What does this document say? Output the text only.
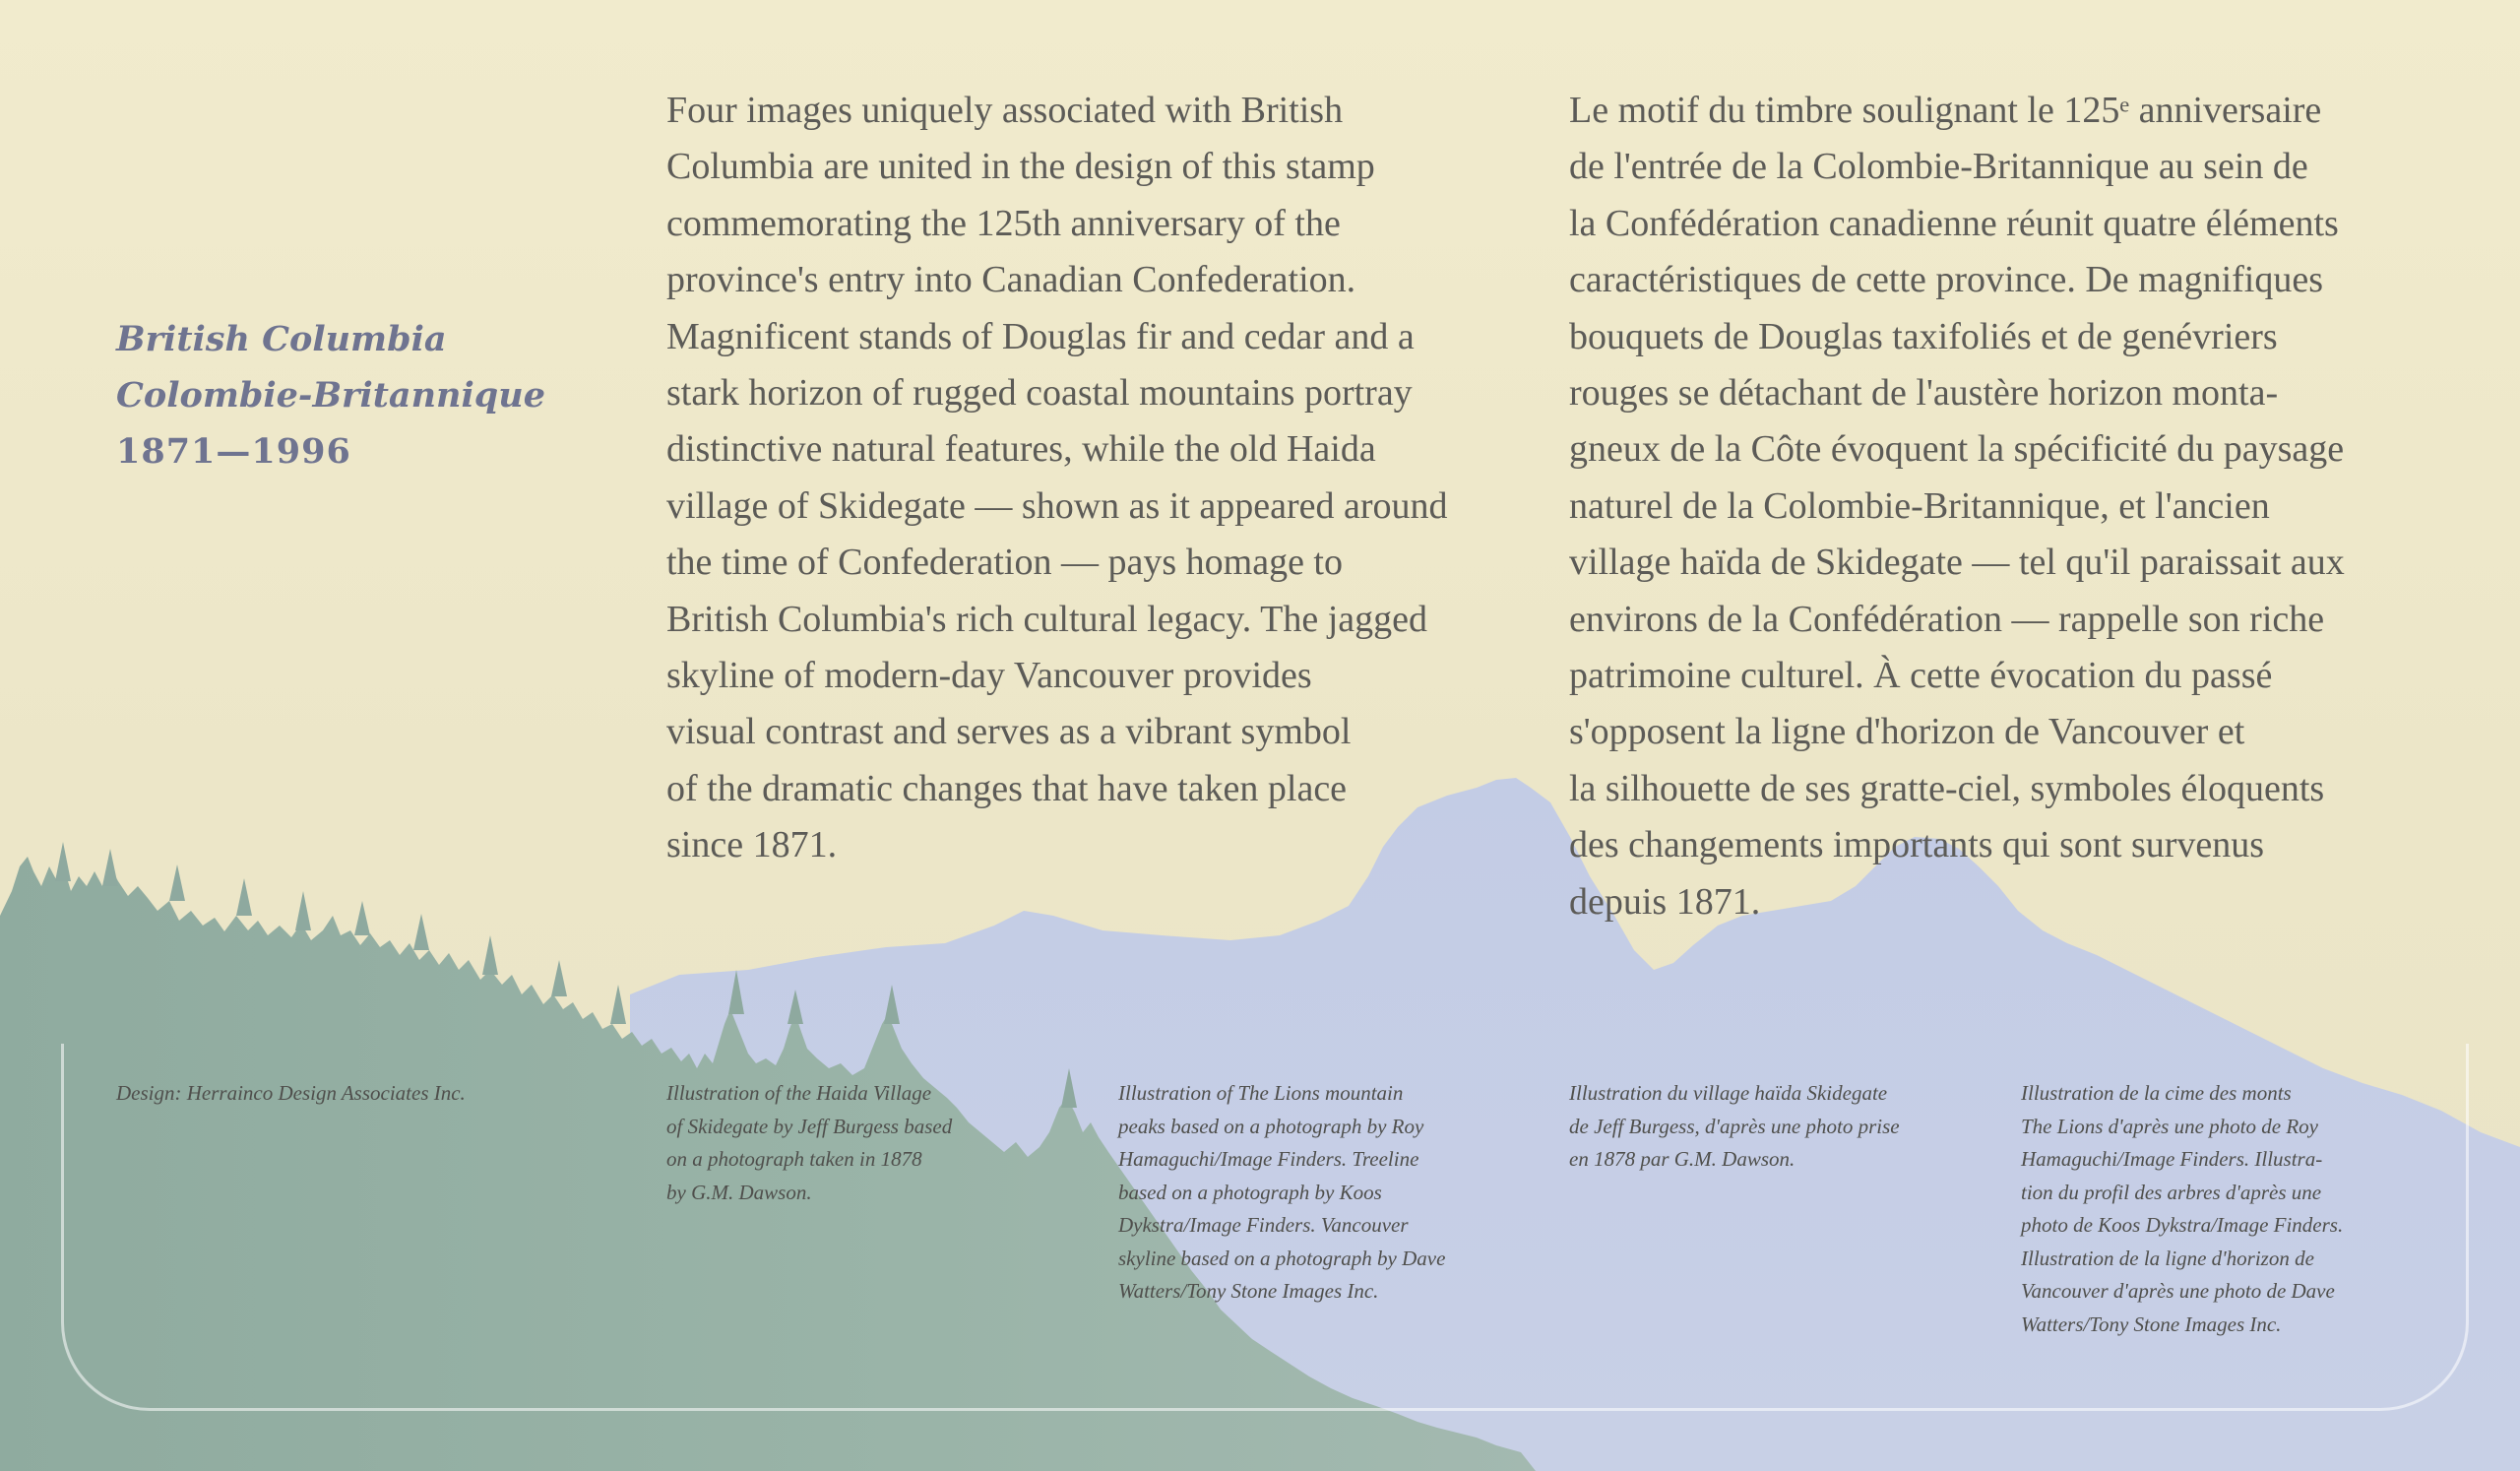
British Columbia
Colombie-Britannique
1871—1996

Four images uniquely associated with British
Columbia are united in the design of this stamp
commemorating the 125th anniversary of the
province's entry into Canadian Confederation.
Magnificent stands of Douglas fir and cedar and a
stark horizon of rugged coastal mountains portray
distinctive natural features, while the old Haida
village of Skidegate — shown as it appeared around
the time of Confederation — pays homage to
British Columbia's rich cultural legacy. The jagged
skyline of modern-day Vancouver provides
visual contrast and serves as a vibrant symbol
of the dramatic changes that have taken place
since 1871.

Le motif du timbre soulignant le 125ᵉ anniversaire
de l'entrée de la Colombie-Britannique au sein de
la Confédération canadienne réunit quatre éléments
caractéristiques de cette province. De magnifiques
bouquets de Douglas taxifoliés et de genévriers
rouges se détachant de l'austère horizon monta-
gneux de la Côte évoquent la spécificité du paysage
naturel de la Colombie-Britannique, et l'ancien
village haïda de Skidegate — tel qu'il paraissait aux
environs de la Confédération — rappelle son riche
patrimoine culturel. À cette évocation du passé
s'opposent la ligne d'horizon de Vancouver et
la silhouette de ses gratte-ciel, symboles éloquents
des changements importants qui sont survenus
depuis 1871.

Design: Herrainco Design Associates Inc.	Illustration of the Haida Village
of Skidegate by Jeff Burgess based
on a photograph taken in 1878
by G.M. Dawson.

Illustration of The Lions mountain
peaks based on a photograph by Roy
Hamaguchi/Image Finders. Treeline
based on a photograph by Koos
Dykstra/Image Finders. Vancouver
skyline based on a photograph by Dave
Watters/Tony Stone Images Inc.

Illustration du village haïda Skidegate
de Jeff Burgess, d'après une photo prise
en 1878 par G.M. Dawson.

Illustration de la cime des monts
The Lions d'après une photo de Roy
Hamaguchi/Image Finders. Illustra-
tion du profil des arbres d'après une
photo de Koos Dykstra/Image Finders.
Illustration de la ligne d'horizon de
Vancouver d'après une photo de Dave
Watters/Tony Stone Images Inc.
